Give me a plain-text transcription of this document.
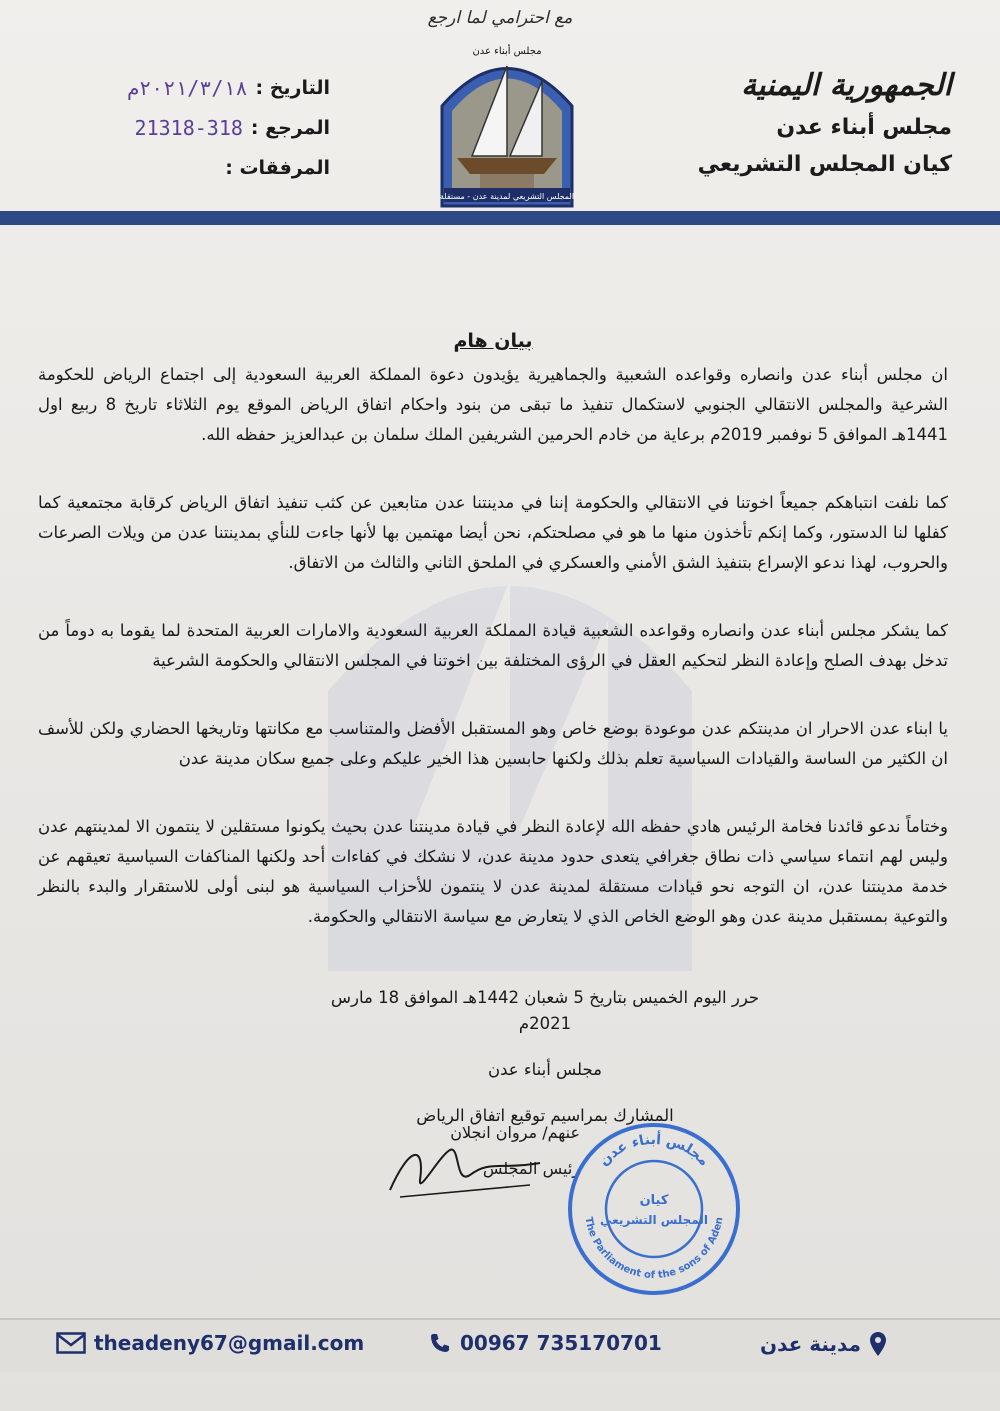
مع احترامي لما ارجع
الجمهورية اليمنية
مجلس أبناء عدن
كيان المجلس التشريعي
التاريخ :
٢٠٢١/٣/١٨م
المرجع :
21318-318
المرفقات :
مجلس أبناء عدن
المجلس التشريعي لمدينة عدن - مستقلة
بيان هام

ان مجلس أبناء عدن وانصاره وقواعده الشعبية والجماهيرية يؤيدون دعوة المملكة العربية السعودية إلى اجتماع الرياض للحكومة الشرعية والمجلس الانتقالي الجنوبي لاستكمال تنفيذ ما تبقى من بنود واحكام اتفاق الرياض الموقع يوم الثلاثاء تاريخ 8 ربيع اول 1441هـ الموافق 5 نوفمبر 2019م برعاية من خادم الحرمين الشريفين الملك سلمان بن عبدالعزيز حفظه الله.

كما نلفت انتباهكم جميعاً اخوتنا في الانتقالي والحكومة إننا في مدينتنا عدن متابعين عن كثب تنفيذ اتفاق الرياض كرقابة مجتمعية كما كفلها لنا الدستور، وكما إنكم تأخذون منها ما هو في مصلحتكم، نحن أيضا مهتمين بها لأنها جاءت للنأي بمدينتنا عدن من ويلات الصرعات والحروب، لهذا ندعو الإسراع بتنفيذ الشق الأمني والعسكري في الملحق الثاني والثالث من الاتفاق.

كما يشكر مجلس أبناء عدن وانصاره وقواعده الشعبية قيادة المملكة العربية السعودية والامارات العربية المتحدة لما يقوما به دوماً من تدخل بهدف الصلح وإعادة النظر لتحكيم العقل في الرؤى المختلفة بين اخوتنا في المجلس الانتقالي والحكومة الشرعية

يا ابناء عدن الاحرار ان مدينتكم عدن موعودة بوضع خاص وهو المستقبل الأفضل والمتناسب مع مكانتها وتاريخها الحضاري ولكن للأسف ان الكثير من الساسة والقيادات السياسية تعلم بذلك ولكنها حابسين هذا الخير عليكم وعلى جميع سكان مدينة عدن

وختاماً ندعو قائدنا فخامة الرئيس هادي حفظه الله لإعادة النظر في قيادة مدينتنا عدن بحيث يكونوا مستقلين لا ينتمون الا لمدينتهم عدن وليس لهم انتماء سياسي ذات نطاق جغرافي يتعدى حدود مدينة عدن، لا نشكك في كفاءات أحد ولكنها المناكفات السياسية تعيقهم عن خدمة مدينتنا عدن، ان التوجه نحو قيادات مستقلة لمدينة عدن لا ينتمون للأحزاب السياسية هو لبنى أولى للاستقرار والبدء بالنظر والتوعية بمستقبل مدينة عدن وهو الوضع الخاص الذي لا يتعارض مع سياسة الانتقالي والحكومة.

حرر اليوم الخميس بتاريخ 5 شعبان 1442هـ الموافق 18 مارس 2021م
مجلس أبناء عدن
المشارك بمراسيم توقيع اتفاق الرياض
عنهم/ مروان انجلان
رئيس المجلس مجلس أبناء عدن
The Parliament of the sons of Aden
كيان
المجلس التشريعي
theadeny67@gmail.com	00967 735170701	مدينة عدن
